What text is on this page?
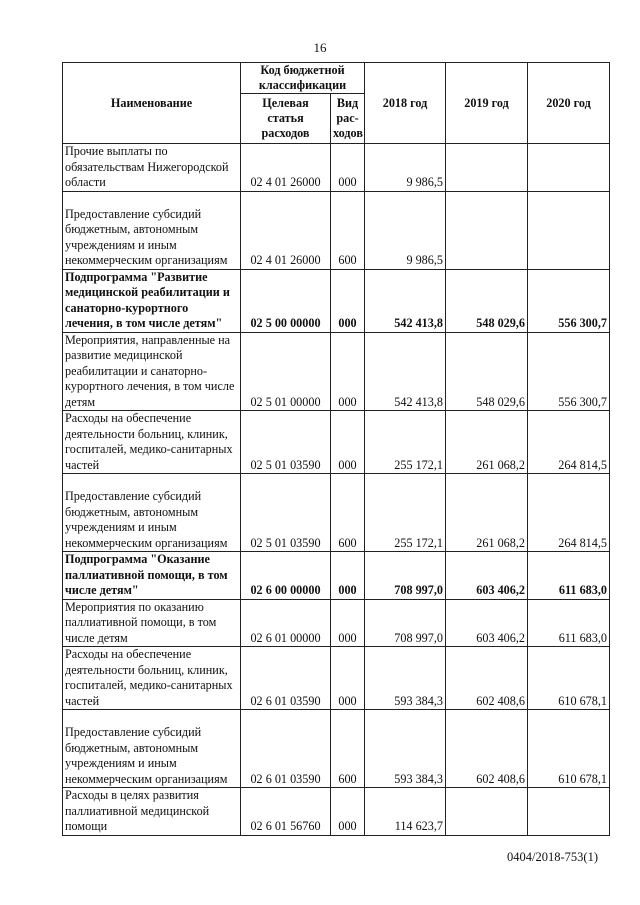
16
Наименование	Код бюджетной классификации		2018 год	2019 год	2020 год
	Целевая статья расходов	Вид рас-ходов			
Прочие выплаты по обязательствам Нижегородской области	02 4 01 26000	000	9 986,5		
Предоставление субсидий бюджетным, автономным учреждениям и иным некоммерческим организациям	02 4 01 26000	600	9 986,5		
Подпрограмма "Развитие медицинской реабилитации и санаторно-курортного лечения, в том числе детям"	02 5 00 00000	000	542 413,8	548 029,6	556 300,7
Мероприятия, направленные на развитие медицинской реабилитации и санаторно-курортного лечения, в том числе детям	02 5 01 00000	000	542 413,8	548 029,6	556 300,7
Расходы на обеспечение деятельности больниц, клиник, госпиталей, медико-санитарных частей	02 5 01 03590	000	255 172,1	261 068,2	264 814,5
Предоставление субсидий бюджетным, автономным учреждениям и иным некоммерческим организациям	02 5 01 03590	600	255 172,1	261 068,2	264 814,5
Подпрограмма "Оказание паллиативной помощи, в том числе детям"	02 6 00 00000	000	708 997,0	603 406,2	611 683,0
Мероприятия по оказанию паллиативной помощи, в том числе детям	02 6 01 00000	000	708 997,0	603 406,2	611 683,0
Расходы на обеспечение деятельности больниц, клиник, госпиталей, медико-санитарных частей	02 6 01 03590	000	593 384,3	602 408,6	610 678,1
Предоставление субсидий бюджетным, автономным учреждениям и иным некоммерческим организациям	02 6 01 03590	600	593 384,3	602 408,6	610 678,1
Расходы в целях развития паллиативной медицинской помощи	02 6 01 56760	000	114 623,7		
0404/2018-753(1)
